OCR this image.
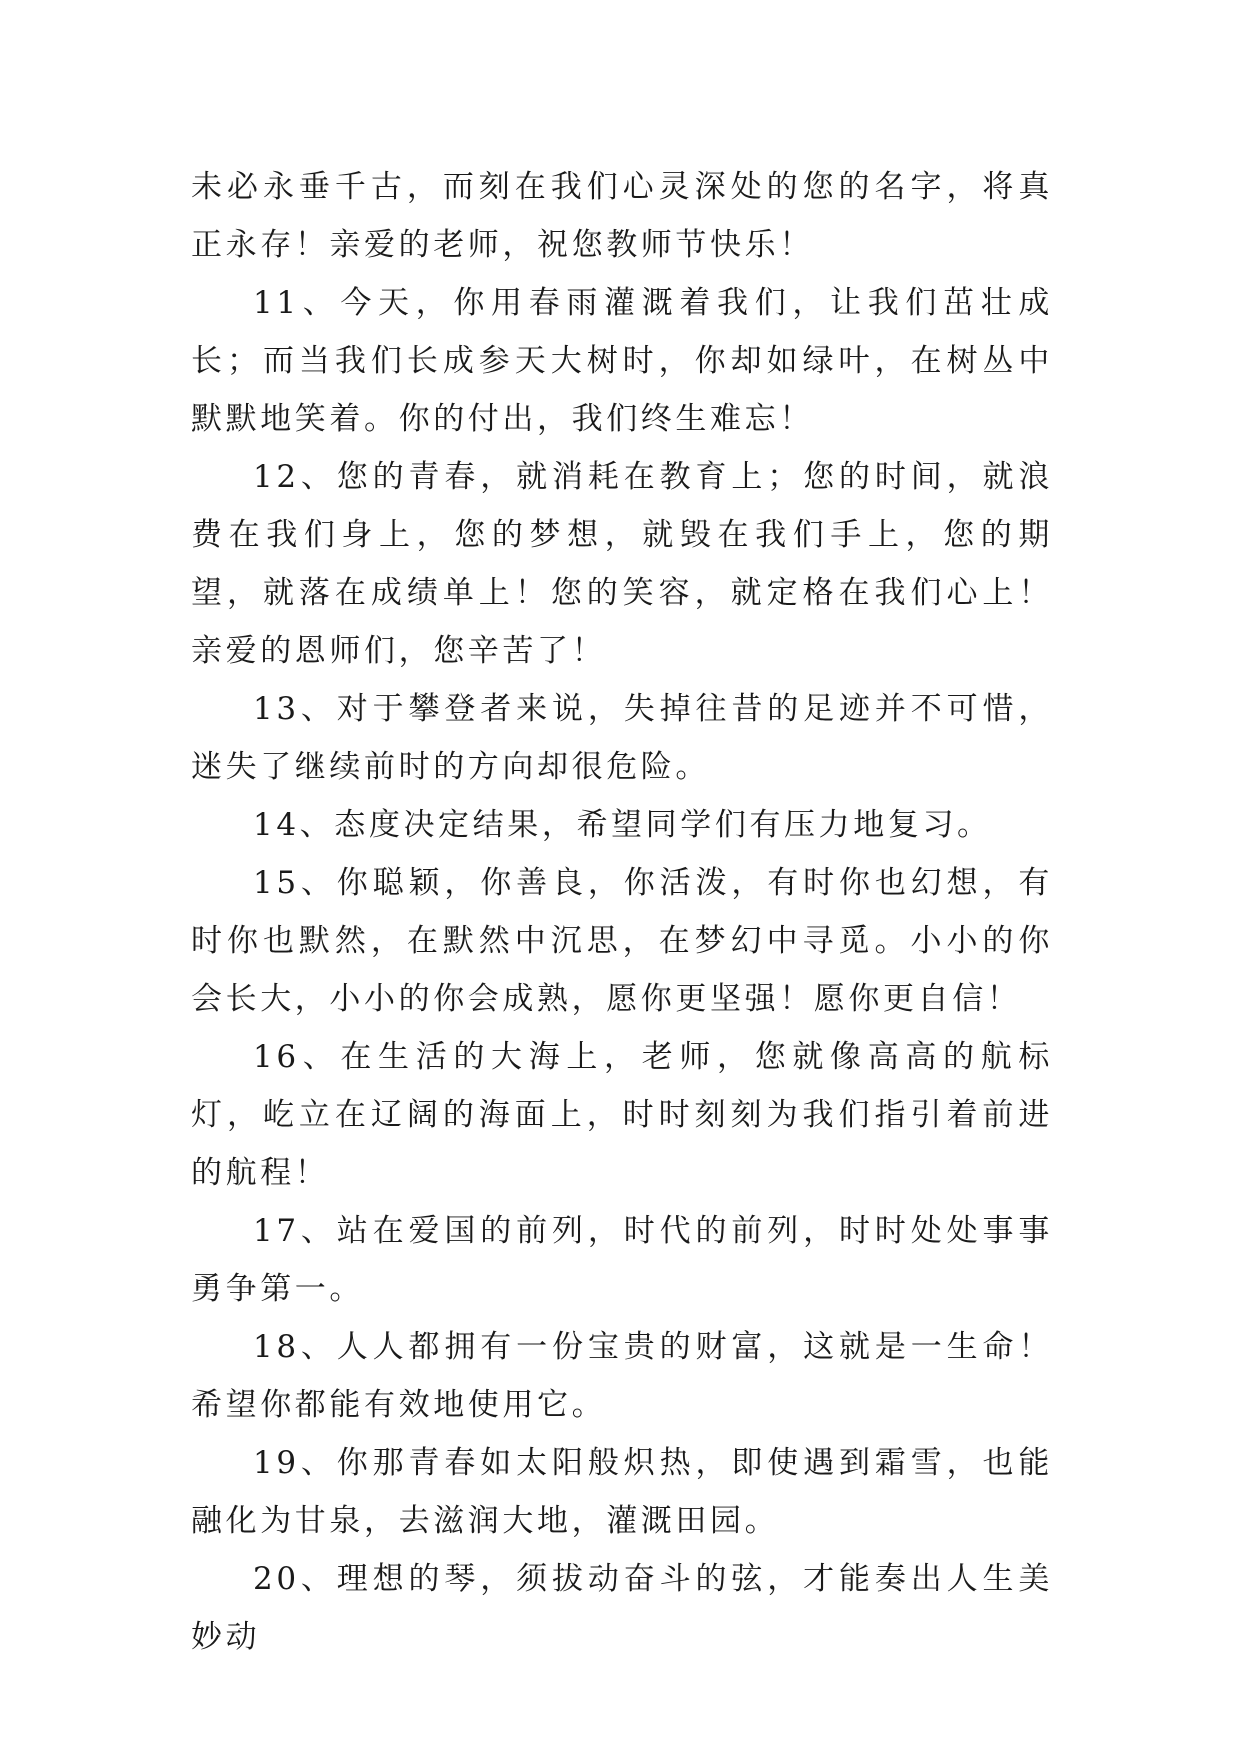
未必永垂千古，而刻在我们心灵深处的您的名字，将真正永存！亲爱的老师，祝您教师节快乐！

11、今天，你用春雨灌溉着我们，让我们茁壮成长；而当我们长成参天大树时，你却如绿叶，在树丛中默默地笑着。你的付出，我们终生难忘！

12、您的青春，就消耗在教育上；您的时间，就浪费在我们身上，您的梦想，就毁在我们手上，您的期望，就落在成绩单上！您的笑容，就定格在我们心上！亲爱的恩师们，您辛苦了！

13、对于攀登者来说，失掉往昔的足迹并不可惜，迷失了继续前时的方向却很危险。

14、态度决定结果，希望同学们有压力地复习。

15、你聪颖，你善良，你活泼，有时你也幻想，有时你也默然，在默然中沉思，在梦幻中寻觅。小小的你会长大，小小的你会成熟，愿你更坚强！愿你更自信！

16、在生活的大海上，老师，您就像高高的航标灯，屹立在辽阔的海面上，时时刻刻为我们指引着前进的航程！

17、站在爱国的前列，时代的前列，时时处处事事勇争第一。

18、人人都拥有一份宝贵的财富，这就是一生命！希望你都能有效地使用它。

19、你那青春如太阳般炽热，即使遇到霜雪，也能融化为甘泉，去滋润大地，灌溉田园。

20、理想的琴，须拔动奋斗的弦，才能奏出人生美妙动
